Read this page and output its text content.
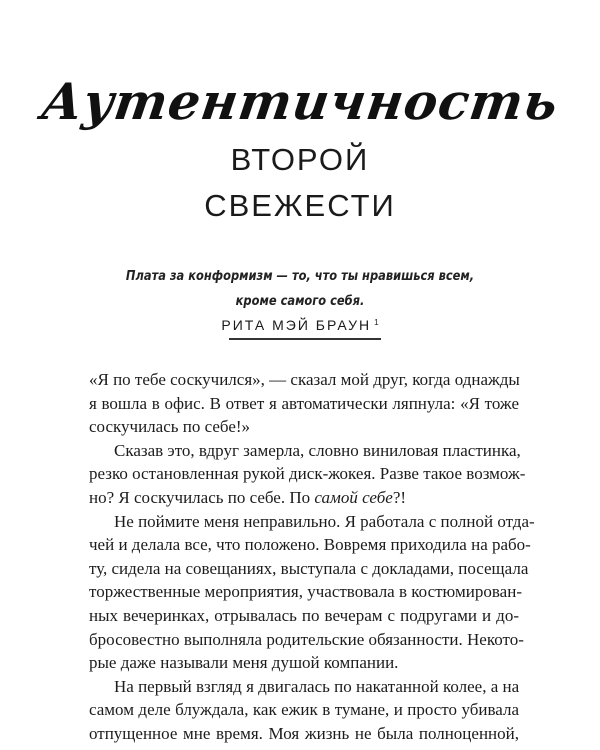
Аутентичность
ВТОРОЙ
СВЕЖЕСТИ
Плата за конформизм — то, что ты нравишься всем,
кроме самого себя.
РИТА МЭЙ БРАУН $^1$

«Я по тебе соскучился», — сказал мой друг, когда однажды
я вошла в офис. В ответ я автоматически ляпнула: «Я тоже
соскучилась по себе!»

Сказав это, вдруг замерла, словно виниловая пластинка,
резко остановленная рукой диск-жокея. Разве такое возмож-
но? Я соскучилась по себе. По самой себе?!

Не поймите меня неправильно. Я работала с полной отда-
чей и делала все, что положено. Вовремя приходила на рабо-
ту, сидела на совещаниях, выступала с докладами, посещала
торжественные мероприятия, участвовала в костюмирован-
ных вечеринках, отрывалась по вечерам с подругами и до-
бросовестно выполняла родительские обязанности. Некото-
рые даже называли меня душой компании.

На первый взгляд я двигалась по накатанной колее, а на
самом деле блуждала, как ежик в тумане, и просто убивала
отпущенное мне время. Моя жизнь не была полноценной,
